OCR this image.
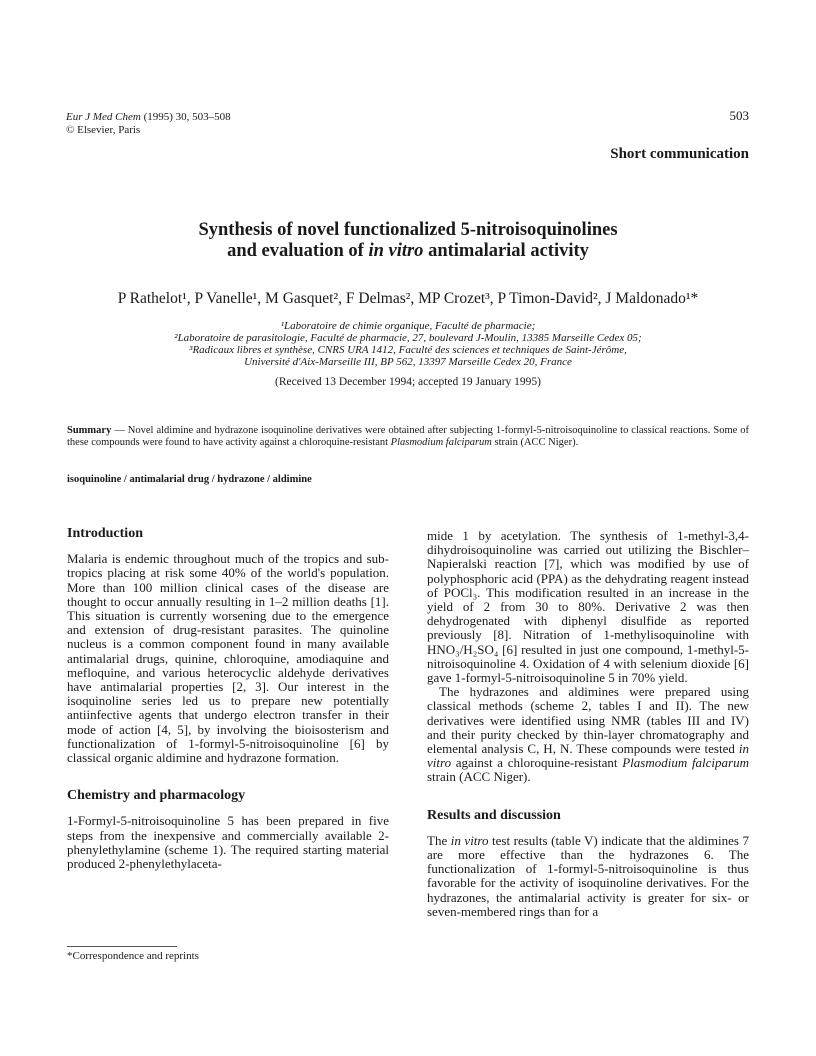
Eur J Med Chem (1995) 30, 503–508
© Elsevier, Paris
503
Short communication
Synthesis of novel functionalized 5-nitroisoquinolines
and evaluation of in vitro antimalarial activity
P Rathelot¹, P Vanelle¹, M Gasquet², F Delmas², MP Crozet³, P Timon-David², J Maldonado¹*
¹Laboratoire de chimie organique, Faculté de pharmacie;
²Laboratoire de parasitologie, Faculté de pharmacie, 27, boulevard J-Moulin, 13385 Marseille Cedex 05;
³Radicaux libres et synthèse, CNRS URA 1412, Faculté des sciences et techniques de Saint-Jérôme,
Université d'Aix-Marseille III, BP 562, 13397 Marseille Cedex 20, France
(Received 13 December 1994; accepted 19 January 1995)
Summary — Novel aldimine and hydrazone isoquinoline derivatives were obtained after subjecting 1-formyl-5-nitroisoquinoline to classical reactions. Some of these compounds were found to have activity against a chloroquine-resistant Plasmodium falciparum strain (ACC Niger).
isoquinoline / antimalarial drug / hydrazone / aldimine
Introduction

Malaria is endemic throughout much of the tropics and sub-tropics placing at risk some 40% of the world's population. More than 100 million clinical cases of the disease are thought to occur annually resulting in 1–2 million deaths [1]. This situation is currently worsening due to the emergence and extension of drug-resistant parasites. The quinoline nucleus is a common component found in many available antimalarial drugs, quinine, chloroquine, amodiaquine and mefloquine, and various heterocyclic aldehyde derivatives have antimalarial properties [2, 3]. Our interest in the isoquinoline series led us to prepare new potentially antiinfective agents that undergo electron transfer in their mode of action [4, 5], by involving the bioisosterism and functionalization of 1-formyl-5-nitroisoquinoline [6] by classical organic aldimine and hydrazone formation.

Chemistry and pharmacology

1-Formyl-5-nitroisoquinoline 5 has been prepared in five steps from the inexpensive and commercially available 2-phenylethylamine (scheme 1). The required starting material produced 2-phenylethylaceta-

*Correspondence and reprints

mide 1 by acetylation. The synthesis of 1-methyl-3,4-dihydroisoquinoline was carried out utilizing the Bischler–Napieralski reaction [7], which was modified by use of polyphosphoric acid (PPA) as the dehydrating reagent instead of POCl₃. This modification resulted in an increase in the yield of 2 from 30 to 80%. Derivative 2 was then dehydrogenated with diphenyl disulfide as reported previously [8]. Nitration of 1-methylisoquinoline with HNO₃/H₂SO₄ [6] resulted in just one compound, 1-methyl-5-nitroisoquinoline 4. Oxidation of 4 with selenium dioxide [6] gave 1-formyl-5-nitroisoquinoline 5 in 70% yield.

The hydrazones and aldimines were prepared using classical methods (scheme 2, tables I and II). The new derivatives were identified using NMR (tables III and IV) and their purity checked by thin-layer chromatography and elemental analysis C, H, N. These compounds were tested in vitro against a chloroquine-resistant Plasmodium falciparum strain (ACC Niger).

Results and discussion

The in vitro test results (table V) indicate that the aldimines 7 are more effective than the hydrazones 6. The functionalization of 1-formyl-5-nitroisoquinoline is thus favorable for the activity of isoquinoline derivatives. For the hydrazones, the antimalarial activity is greater for six- or seven-membered rings than for a
